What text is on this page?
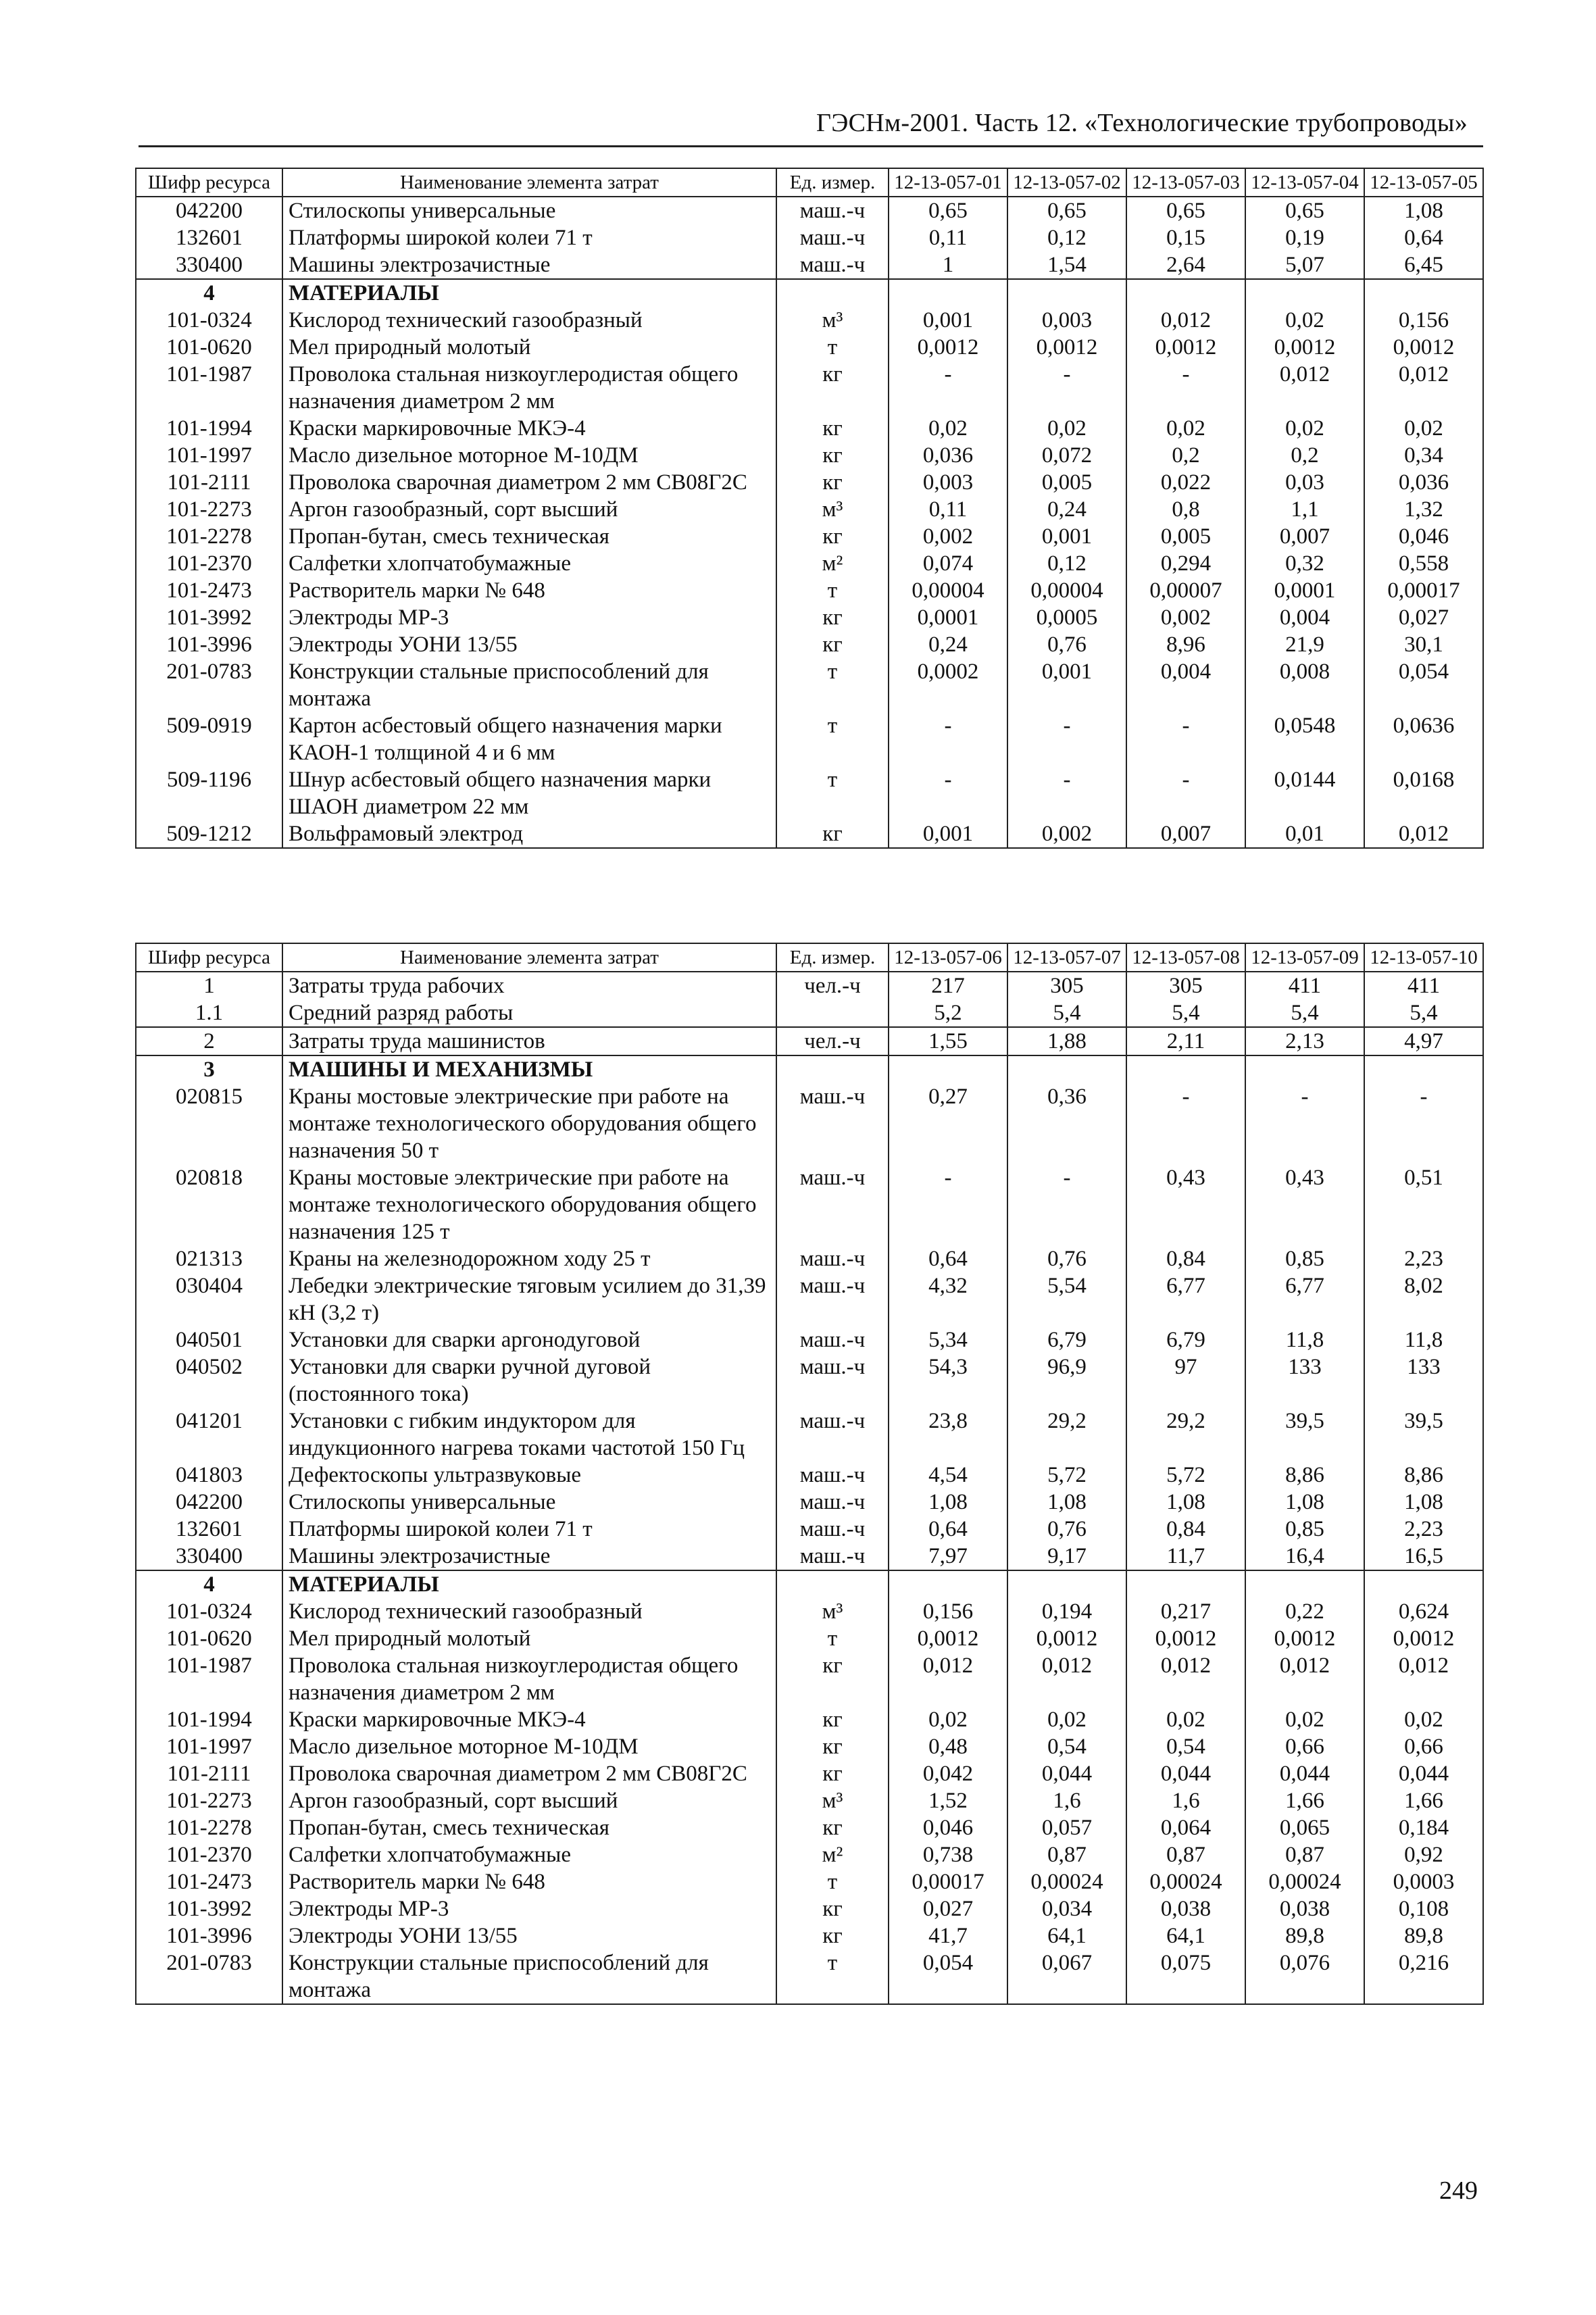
ГЭСНм-2001. Часть 12. «Технологические трубопроводы»
Шифр ресурса	Наименование элемента затрат	Ед. измер.	12-13-057-01	12-13-057-02	12-13-057-03	12-13-057-04	12-13-057-05
042200	Стилоскопы универсальные	маш.-ч	0,65	0,65	0,65	0,65	1,08
132601	Платформы широкой колеи 71 т	маш.-ч	0,11	0,12	0,15	0,19	0,64
330400	Машины электрозачистные	маш.-ч	1	1,54	2,64	5,07	6,45
4	МАТЕРИАЛЫ						
101-0324	Кислород технический газообразный	м³	0,001	0,003	0,012	0,02	0,156
101-0620	Мел природный молотый	т	0,0012	0,0012	0,0012	0,0012	0,0012
101-1987	Проволока стальная низкоуглеродистая общего назначения диаметром 2 мм	кг	-	-	-	0,012	0,012
101-1994	Краски маркировочные МКЭ-4	кг	0,02	0,02	0,02	0,02	0,02
101-1997	Масло дизельное моторное М-10ДМ	кг	0,036	0,072	0,2	0,2	0,34
101-2111	Проволока сварочная диаметром 2 мм СВ08Г2С	кг	0,003	0,005	0,022	0,03	0,036
101-2273	Аргон газообразный, сорт высший	м³	0,11	0,24	0,8	1,1	1,32
101-2278	Пропан-бутан, смесь техническая	кг	0,002	0,001	0,005	0,007	0,046
101-2370	Салфетки хлопчатобумажные	м²	0,074	0,12	0,294	0,32	0,558
101-2473	Растворитель марки № 648	т	0,00004	0,00004	0,00007	0,0001	0,00017
101-3992	Электроды МР-3	кг	0,0001	0,0005	0,002	0,004	0,027
101-3996	Электроды УОНИ 13/55	кг	0,24	0,76	8,96	21,9	30,1
201-0783	Конструкции стальные приспособлений для монтажа	т	0,0002	0,001	0,004	0,008	0,054
509-0919	Картон асбестовый общего назначения марки КАОН-1 толщиной 4 и 6 мм	т	-	-	-	0,0548	0,0636
509-1196	Шнур асбестовый общего назначения марки ШАОН диаметром 22 мм	т	-	-	-	0,0144	0,0168
509-1212	Вольфрамовый электрод	кг	0,001	0,002	0,007	0,01	0,012
Шифр ресурса	Наименование элемента затрат	Ед. измер.	12-13-057-06	12-13-057-07	12-13-057-08	12-13-057-09	12-13-057-10
1	Затраты труда рабочих	чел.-ч	217	305	305	411	411
1.1	Средний разряд работы		5,2	5,4	5,4	5,4	5,4
2	Затраты труда машинистов	чел.-ч	1,55	1,88	2,11	2,13	4,97
3	МАШИНЫ И МЕХАНИЗМЫ						
020815	Краны мостовые электрические при работе на монтаже технологического оборудования общего назначения 50 т	маш.-ч	0,27	0,36	-	-	-
020818	Краны мостовые электрические при работе на монтаже технологического оборудования общего назначения 125 т	маш.-ч	-	-	0,43	0,43	0,51
021313	Краны на железнодорожном ходу 25 т	маш.-ч	0,64	0,76	0,84	0,85	2,23
030404	Лебедки электрические тяговым усилием до 31,39 кН (3,2 т)	маш.-ч	4,32	5,54	6,77	6,77	8,02
040501	Установки для сварки аргонодуговой	маш.-ч	5,34	6,79	6,79	11,8	11,8
040502	Установки для сварки ручной дуговой (постоянного тока)	маш.-ч	54,3	96,9	97	133	133
041201	Установки с гибким индуктором для индукционного нагрева токами частотой 150 Гц	маш.-ч	23,8	29,2	29,2	39,5	39,5
041803	Дефектоскопы ультразвуковые	маш.-ч	4,54	5,72	5,72	8,86	8,86
042200	Стилоскопы универсальные	маш.-ч	1,08	1,08	1,08	1,08	1,08
132601	Платформы широкой колеи 71 т	маш.-ч	0,64	0,76	0,84	0,85	2,23
330400	Машины электрозачистные	маш.-ч	7,97	9,17	11,7	16,4	16,5
4	МАТЕРИАЛЫ						
101-0324	Кислород технический газообразный	м³	0,156	0,194	0,217	0,22	0,624
101-0620	Мел природный молотый	т	0,0012	0,0012	0,0012	0,0012	0,0012
101-1987	Проволока стальная низкоуглеродистая общего назначения диаметром 2 мм	кг	0,012	0,012	0,012	0,012	0,012
101-1994	Краски маркировочные МКЭ-4	кг	0,02	0,02	0,02	0,02	0,02
101-1997	Масло дизельное моторное М-10ДМ	кг	0,48	0,54	0,54	0,66	0,66
101-2111	Проволока сварочная диаметром 2 мм СВ08Г2С	кг	0,042	0,044	0,044	0,044	0,044
101-2273	Аргон газообразный, сорт высший	м³	1,52	1,6	1,6	1,66	1,66
101-2278	Пропан-бутан, смесь техническая	кг	0,046	0,057	0,064	0,065	0,184
101-2370	Салфетки хлопчатобумажные	м²	0,738	0,87	0,87	0,87	0,92
101-2473	Растворитель марки № 648	т	0,00017	0,00024	0,00024	0,00024	0,0003
101-3992	Электроды МР-3	кг	0,027	0,034	0,038	0,038	0,108
101-3996	Электроды УОНИ 13/55	кг	41,7	64,1	64,1	89,8	89,8
201-0783	Конструкции стальные приспособлений для монтажа	т	0,054	0,067	0,075	0,076	0,216
249
